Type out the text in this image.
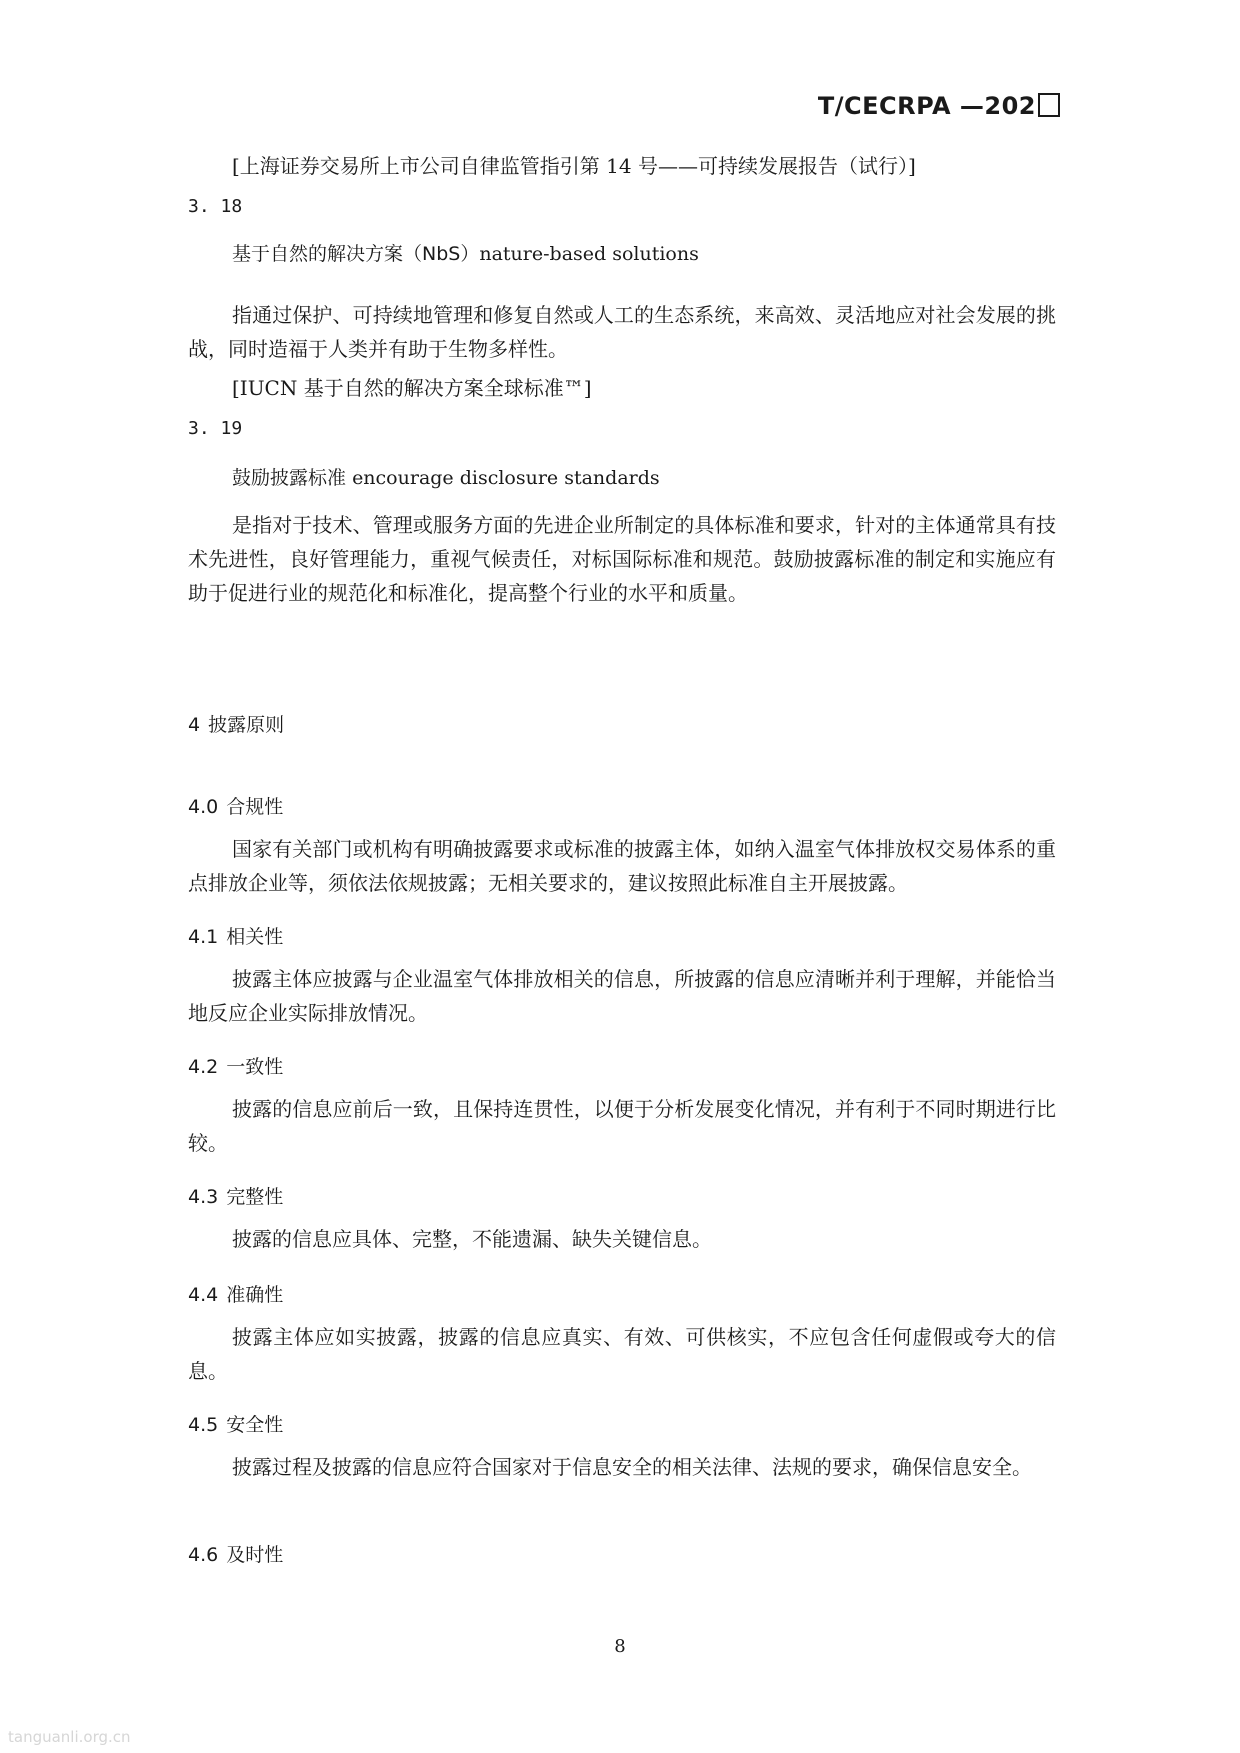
T/CECRPA —202
[上海证券交易所上市公司自律监管指引第 14 号——可持续发展报告（试行）]
3. 18
基于自然的解决方案（NbS）nature-based solutions
指通过保护、可持续地管理和修复自然或人工的生态系统，来高效、灵活地应对社会发展的挑战，同时造福于人类并有助于生物多样性。
[IUCN 基于自然的解决方案全球标准™]
3. 19
鼓励披露标准 encourage disclosure standards
是指对于技术、管理或服务方面的先进企业所制定的具体标准和要求，针对的主体通常具有技术先进性，良好管理能力，重视气候责任，对标国际标准和规范。鼓励披露标准的制定和实施应有助于促进行业的规范化和标准化，提高整个行业的水平和质量。
4 披露原则
4.0 合规性
国家有关部门或机构有明确披露要求或标准的披露主体，如纳入温室气体排放权交易体系的重点排放企业等，须依法依规披露；无相关要求的，建议按照此标准自主开展披露。
4.1 相关性
披露主体应披露与企业温室气体排放相关的信息，所披露的信息应清晰并利于理解，并能恰当地反应企业实际排放情况。
4.2 一致性
披露的信息应前后一致，且保持连贯性，以便于分析发展变化情况，并有利于不同时期进行比较。
4.3 完整性
披露的信息应具体、完整，不能遗漏、缺失关键信息。
4.4 准确性
披露主体应如实披露，披露的信息应真实、有效、可供核实，不应包含任何虚假或夸大的信息。
4.5 安全性
披露过程及披露的信息应符合国家对于信息安全的相关法律、法规的要求，确保信息安全。
4.6 及时性
8
tanguanli.org.cn
